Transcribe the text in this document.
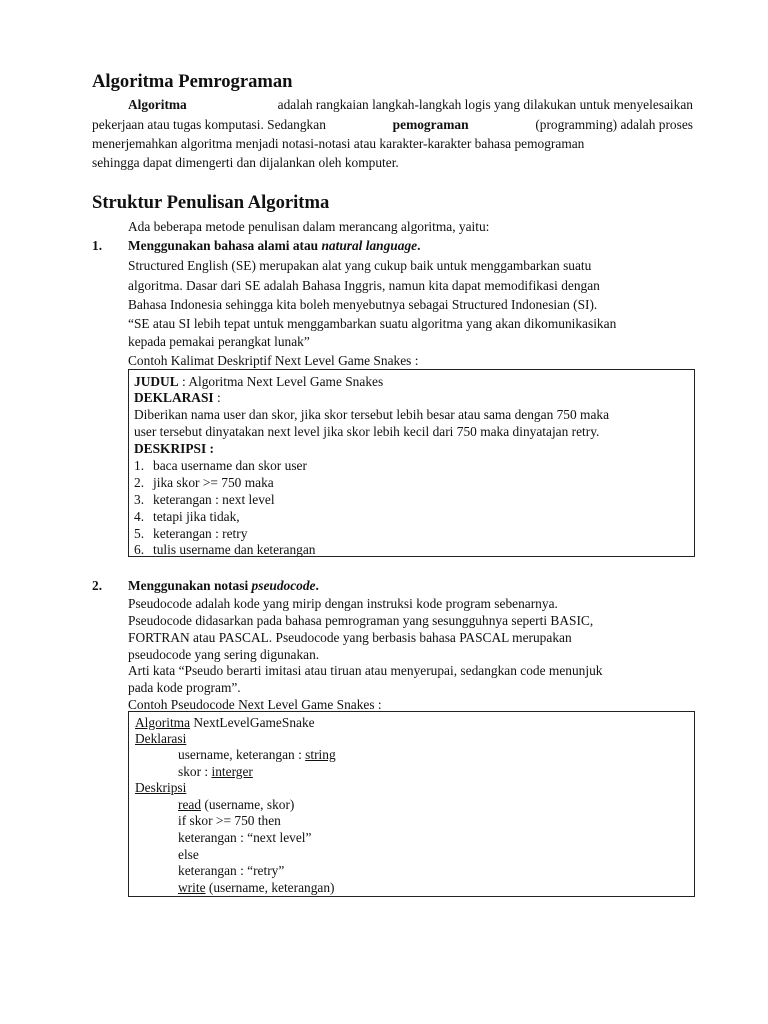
Algoritma Pemrograman
Algoritma	adalah rangkaian langkah-langkah logis yang dilakukan untuk menyelesaikan
pekerjaan atau tugas komputasi. Sedangkan	pemograman	(programming) adalah proses
menerjemahkan algoritma menjadi notasi-notasi atau karakter-karakter bahasa pemograman
sehingga dapat dimengerti dan dijalankan oleh komputer.
Struktur Penulisan Algoritma
Ada beberapa metode penulisan dalam merancang algoritma, yaitu:
1. Menggunakan bahasa alami atau natural language.
Structured English (SE) merupakan alat yang cukup baik untuk menggambarkan suatu
algoritma. Dasar dari SE adalah Bahasa Inggris, namun kita dapat memodifikasi dengan
Bahasa Indonesia sehingga kita boleh menyebutnya sebagai Structured Indonesian (SI).
“SE atau SI lebih tepat untuk menggambarkan suatu algoritma yang akan dikomunikasikan
kepada pemakai perangkat lunak”
Contoh Kalimat Deskriptif Next Level Game Snakes :
JUDUL : Algoritma Next Level Game Snakes
DEKLARASI :
Diberikan nama user dan skor, jika skor tersebut lebih besar atau sama dengan 750 maka
user tersebut dinyatakan next level jika skor lebih kecil dari 750 maka dinyatajan retry.
DESKRIPSI :
1. baca username dan skor user
2. jika skor >= 750 maka
3. keterangan : next level
4. tetapi jika tidak,
5. keterangan : retry
6. tulis username dan keterangan
2. Menggunakan notasi pseudocode.
Pseudocode adalah kode yang mirip dengan instruksi kode program sebenarnya.
Pseudocode didasarkan pada bahasa pemrograman yang sesungguhnya seperti BASIC,
FORTRAN atau PASCAL. Pseudocode yang berbasis bahasa PASCAL merupakan
pseudocode yang sering digunakan.
Arti kata “Pseudo berarti imitasi atau tiruan atau menyerupai, sedangkan code menunjuk
pada kode program”.
Contoh Pseudocode Next Level Game Snakes :
Algoritma NextLevelGameSnake
Deklarasi
username, keterangan : string
skor : interger
Deskripsi
read (username, skor)
if skor >= 750 then
keterangan : “next level”
else
keterangan : “retry”
write (username, keterangan)
